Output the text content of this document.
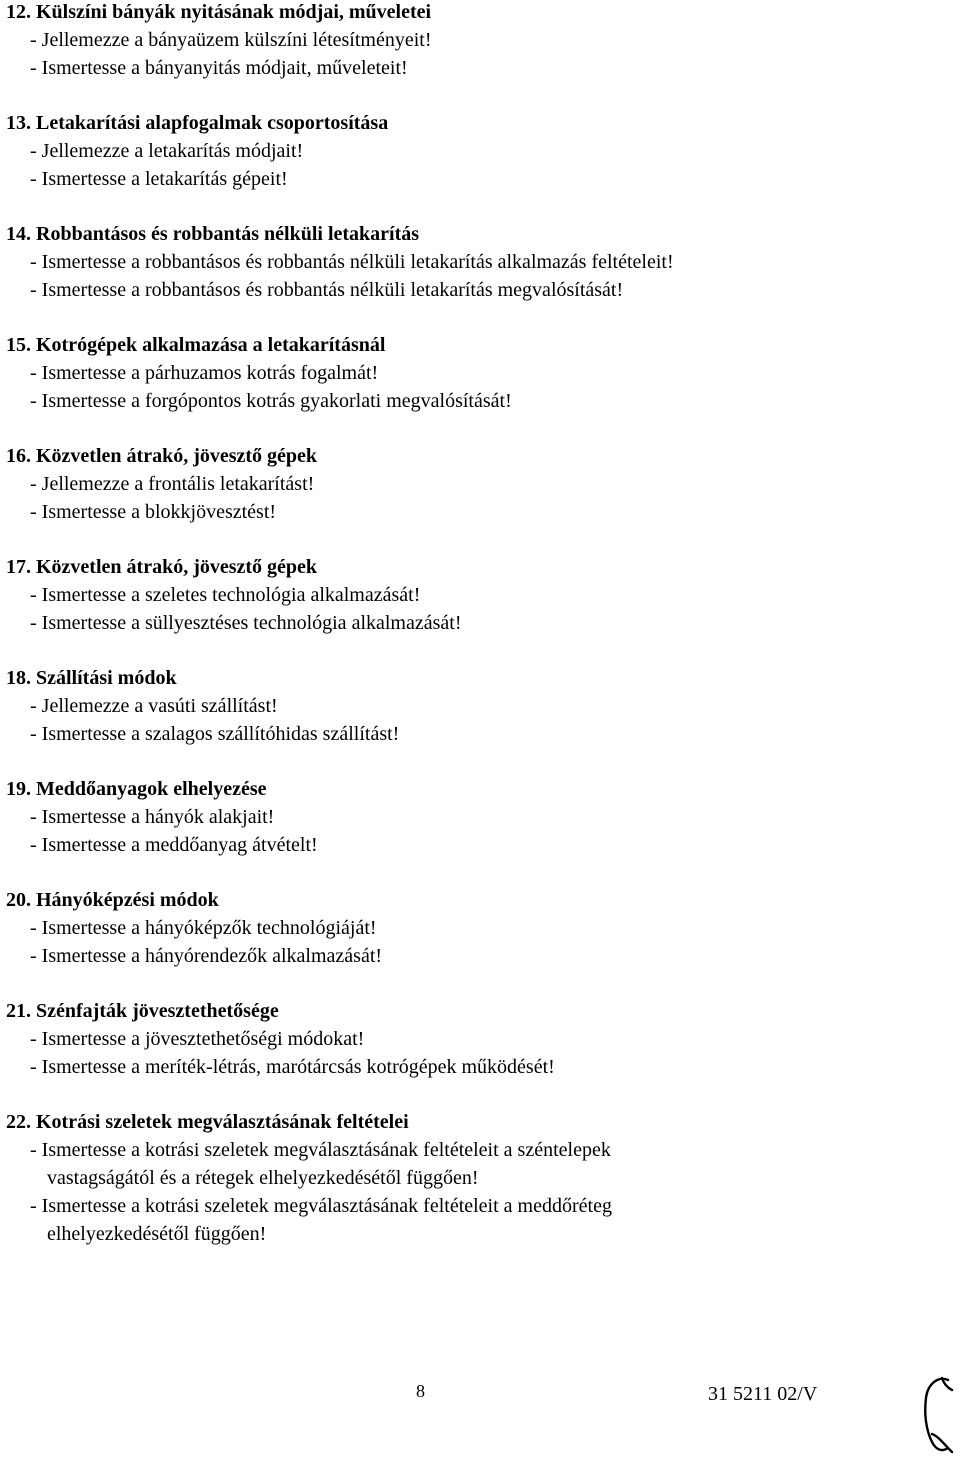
12. Külszíni bányák nyitásának módjai, műveletei
- Jellemezze a bányaüzem külszíni létesítményeit!
- Ismertesse a bányanyitás módjait, műveleteit!
13. Letakarítási alapfogalmak csoportosítása
- Jellemezze a letakarítás módjait!
- Ismertesse a letakarítás gépeit!
14. Robbantásos és robbantás nélküli letakarítás
- Ismertesse a robbantásos és robbantás nélküli letakarítás alkalmazás feltételeit!
- Ismertesse a robbantásos és robbantás nélküli letakarítás megvalósítását!
15. Kotrógépek alkalmazása a letakarításnál
- Ismertesse a párhuzamos kotrás fogalmát!
- Ismertesse a forgópontos kotrás gyakorlati megvalósítását!
16. Közvetlen átrakó, jövesztő gépek
- Jellemezze a frontális letakarítást!
- Ismertesse a blokkjövesztést!
17. Közvetlen átrakó, jövesztő gépek
- Ismertesse a szeletes technológia alkalmazását!
- Ismertesse a süllyesztéses technológia alkalmazását!
18. Szállítási módok
- Jellemezze a vasúti szállítást!
- Ismertesse a szalagos szállítóhidas szállítást!
19. Meddőanyagok elhelyezése
- Ismertesse a hányók alakjait!
- Ismertesse a meddőanyag átvételt!
20. Hányóképzési módok
- Ismertesse a hányóképzők technológiáját!
- Ismertesse a hányórendezők alkalmazását!
21. Szénfajták jövesztethetősége
- Ismertesse a jövesztethetőségi módokat!
- Ismertesse a meríték-létrás, marótárcsás kotrógépek működését!
22. Kotrási szeletek megválasztásának feltételei
- Ismertesse a kotrási szeletek megválasztásának feltételeit a széntelepek
vastagságától és a rétegek elhelyezkedésétől függően!
- Ismertesse a kotrási szeletek megválasztásának feltételeit a meddőréteg
elhelyezkedésétől függően!
8	31 5211 02/V
